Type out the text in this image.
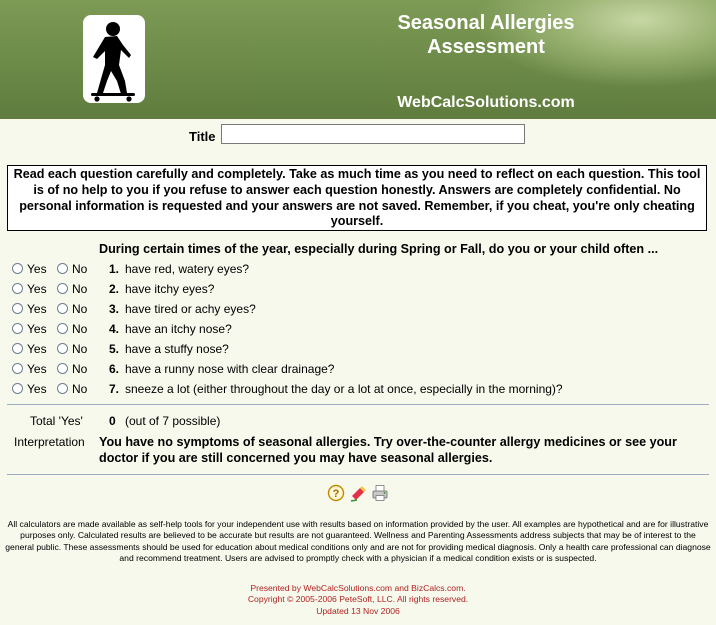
Seasonal Allergies
Assessment
WebCalcSolutions.com
Title
Read each question carefully and completely. Take as much time as you need to reflect on each question. This tool is of no help to you if you refuse to answer each question honestly. Answers are completely confidential. No personal information is requested and your answers are not saved. Remember, if you cheat, you're only cheating yourself.
During certain times of the year, especially during Spring or Fall, do you or your child often ...
Yes No 1. have red, watery eyes?
Yes No 2. have itchy eyes?
Yes No 3. have tired or achy eyes?
Yes No 4. have an itchy nose?
Yes No 5. have a stuffy nose?
Yes No 6. have a runny nose with clear drainage?
Yes No 7. sneeze a lot (either throughout the day or a lot at once, especially in the morning)?
Total 'Yes' 0 (out of 7 possible)
Interpretation You have no symptoms of seasonal allergies. Try over-the-counter allergy medicines or see your doctor if you are still concerned you may have seasonal allergies.
?
All calculators are made available as self-help tools for your independent use with results based on information provided by the user. All examples are hypothetical and are for illustrative purposes only. Calculated results are believed to be accurate but results are not guaranteed. Wellness and Parenting Assessments address subjects that may be of interest to the general public. These assessments should be used for education about medical conditions only and are not for providing medical diagnosis. Only a health care professional can diagnose and recommend treatment. Users are advised to promptly check with a physician if a medical condition exists or is suspected.
Presented by WebCalcSolutions.com and BizCalcs.com.
Copyright © 2005-2006 PeteSoft, LLC. All rights reserved.
Updated 13 Nov 2006
